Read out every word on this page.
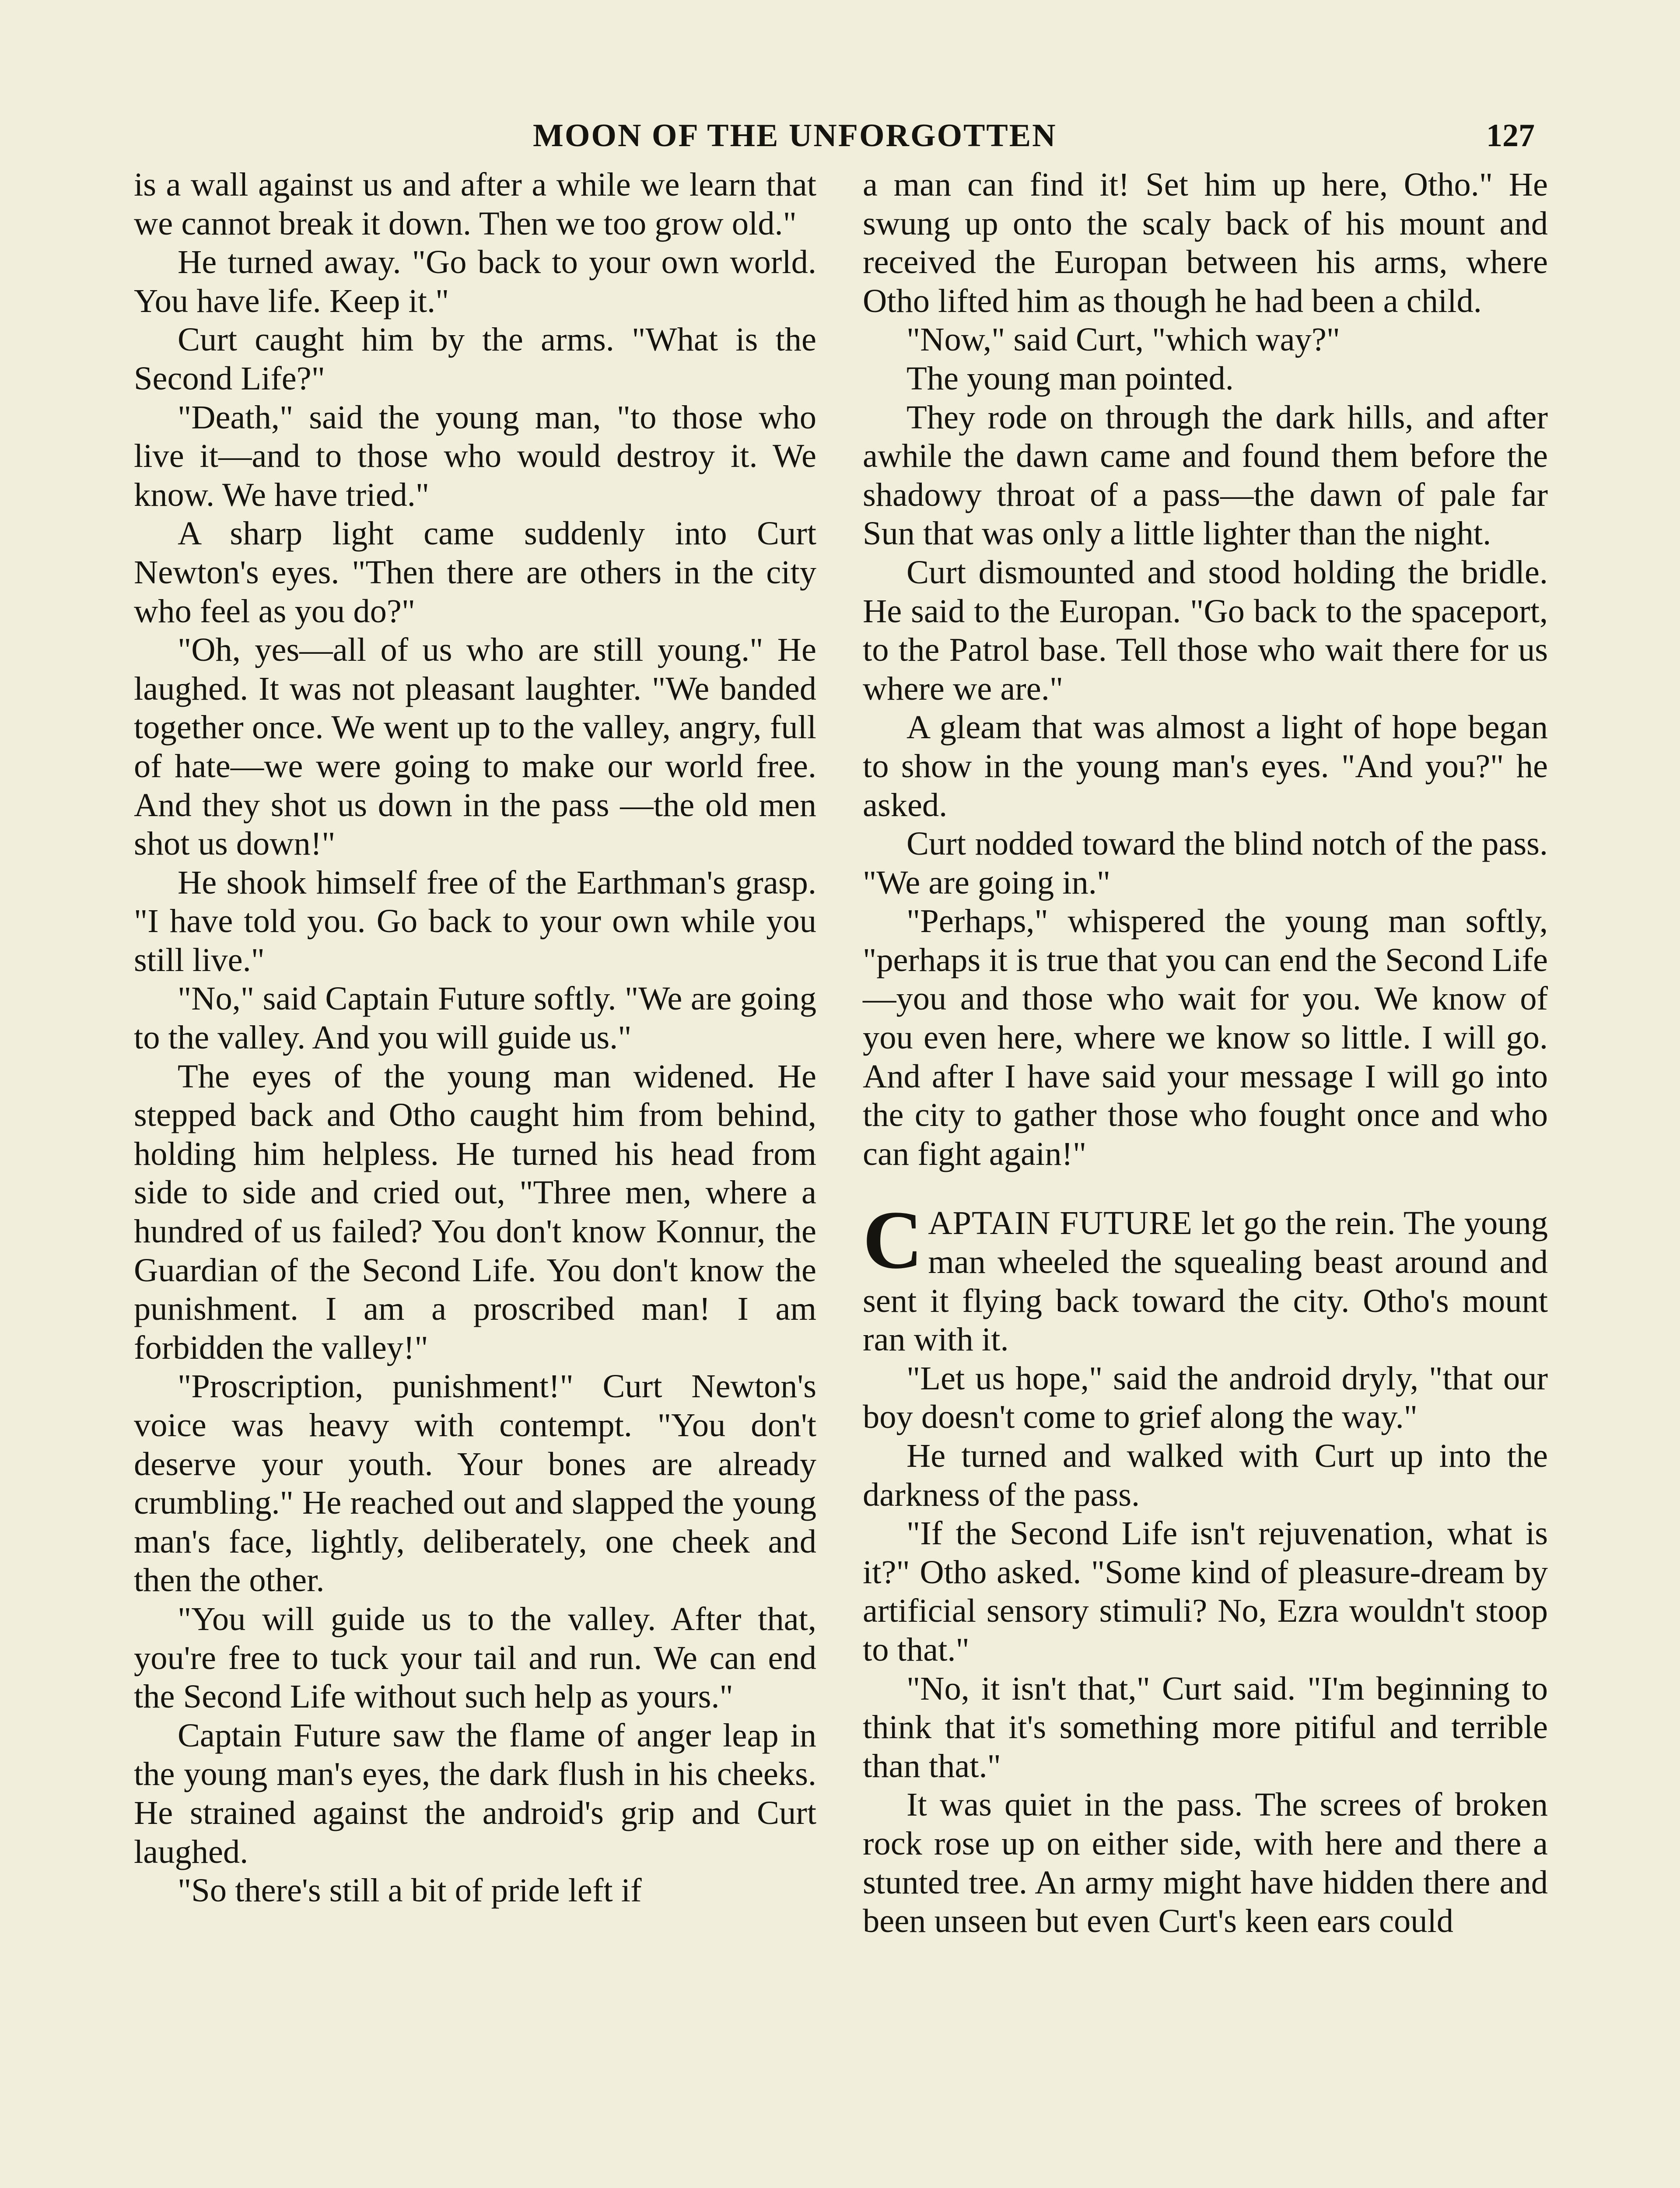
MOON OF THE UNFORGOTTEN	127

is a wall against us and after a while we learn that we cannot break it down. Then we too grow old."

He turned away. "Go back to your own world. You have life. Keep it."

Curt caught him by the arms. "What is the Second Life?"

"Death," said the young man, "to those who live it—and to those who would destroy it. We know. We have tried."

A sharp light came suddenly into Curt Newton's eyes. "Then there are others in the city who feel as you do?"

"Oh, yes—all of us who are still young." He laughed. It was not pleasant laughter. "We banded together once. We went up to the valley, angry, full of hate—we were going to make our world free. And they shot us down in the pass —the old men shot us down!"

He shook himself free of the Earthman's grasp. "I have told you. Go back to your own while you still live."

"No," said Captain Future softly. "We are going to the valley. And you will guide us."

The eyes of the young man widened. He stepped back and Otho caught him from behind, holding him helpless. He turned his head from side to side and cried out, "Three men, where a hundred of us failed? You don't know Konnur, the Guardian of the Second Life. You don't know the punishment. I am a proscribed man! I am forbidden the valley!"

"Proscription, punishment!" Curt Newton's voice was heavy with contempt. "You don't deserve your youth. Your bones are already crumbling." He reached out and slapped the young man's face, lightly, deliberately, one cheek and then the other.

"You will guide us to the valley. After that, you're free to tuck your tail and run. We can end the Second Life without such help as yours."

Captain Future saw the flame of anger leap in the young man's eyes, the dark flush in his cheeks. He strained against the android's grip and Curt laughed.

"So there's still a bit of pride left if

a man can find it! Set him up here, Otho." He swung up onto the scaly back of his mount and received the Europan between his arms, where Otho lifted him as though he had been a child.

"Now," said Curt, "which way?"

The young man pointed.

They rode on through the dark hills, and after awhile the dawn came and found them before the shadowy throat of a pass—the dawn of pale far Sun that was only a little lighter than the night.

Curt dismounted and stood holding the bridle. He said to the Europan. "Go back to the spaceport, to the Patrol base. Tell those who wait there for us where we are."

A gleam that was almost a light of hope began to show in the young man's eyes. "And you?" he asked.

Curt nodded toward the blind notch of the pass. "We are going in."

"Perhaps," whispered the young man softly, "perhaps it is true that you can end the Second Life—you and those who wait for you. We know of you even here, where we know so little. I will go. And after I have said your message I will go into the city to gather those who fought once and who can fight again!"

CAPTAIN FUTURE let go the rein. The young man wheeled the squealing beast around and sent it flying back toward the city. Otho's mount ran with it.

"Let us hope," said the android dryly, "that our boy doesn't come to grief along the way."

He turned and walked with Curt up into the darkness of the pass.

"If the Second Life isn't rejuvenation, what is it?" Otho asked. "Some kind of pleasure-dream by artificial sensory stimuli? No, Ezra wouldn't stoop to that."

"No, it isn't that," Curt said. "I'm beginning to think that it's something more pitiful and terrible than that."

It was quiet in the pass. The screes of broken rock rose up on either side, with here and there a stunted tree. An army might have hidden there and been unseen but even Curt's keen ears could
